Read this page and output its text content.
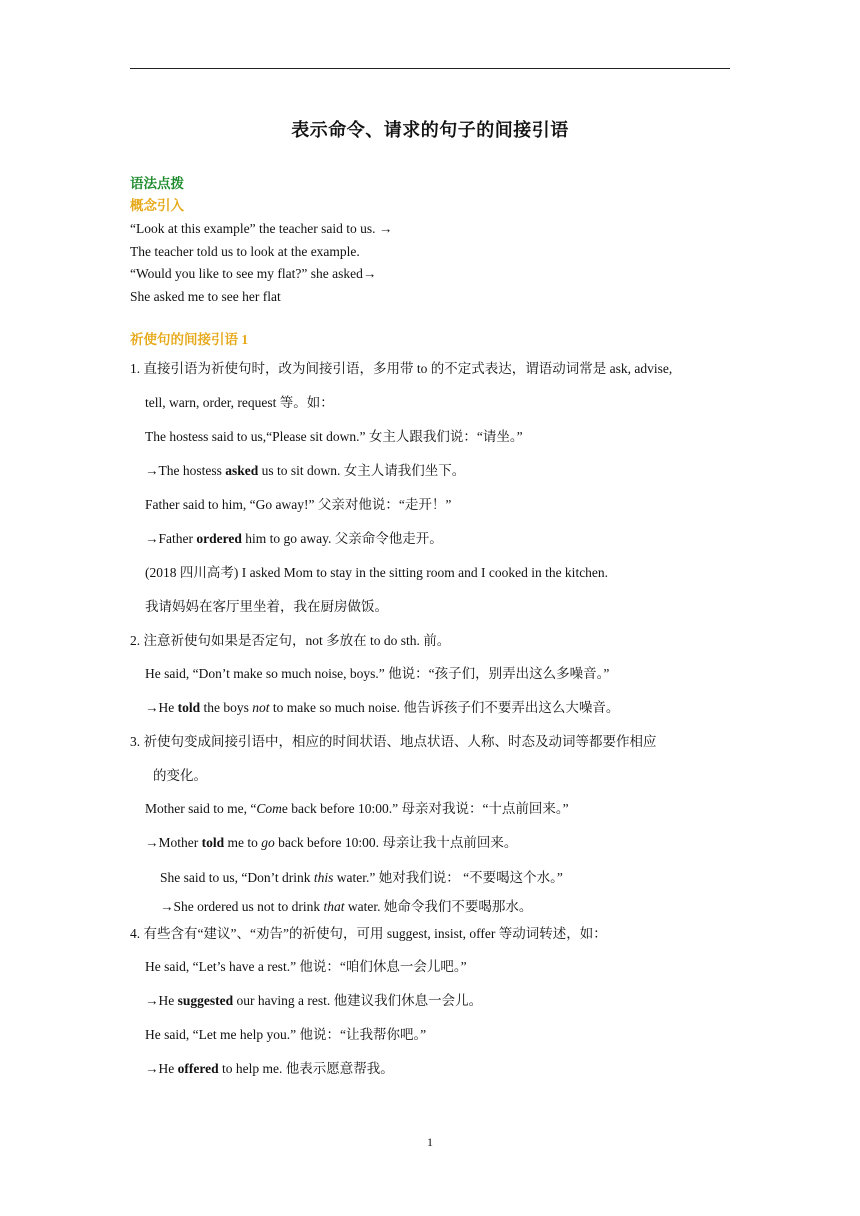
表示命令、请求的句子的间接引语
语法点拨
概念引入
“Look at this example” the teacher said to us. →
The teacher told us to look at the example.
“Would you like to see my flat?” she asked→
She asked me to see her flat
祈使句的间接引语 1
1. 直接引语为祈使句时，改为间接引语，多用带 to 的不定式表达，谓语动词常是 ask, advise,
tell, warn, order, request 等。如：
The hostess said to us,“Please sit down.” 女主人跟我们说：“请坐。”
→The hostess asked us to sit down. 女主人请我们坐下。
Father said to him, “Go away!” 父亲对他说：“走开！”
→Father ordered him to go away. 父亲命令他走开。
(2018 四川高考) I asked Mom to stay in the sitting room and I cooked in the kitchen.
我请妈妈在客厅里坐着，我在厨房做饭。
2. 注意祈使句如果是否定句，not 多放在 to do sth. 前。
He said, “Don’t make so much noise, boys.” 他说：“孩子们，别弄出这么多噪音。”
→He told the boys not to make so much noise. 他告诉孩子们不要弄出这么大噪音。
3. 祈使句变成间接引语中，相应的时间状语、地点状语、人称、时态及动词等都要作相应
的变化。
Mother said to me, “Come back before 10:00.” 母亲对我说：“十点前回来。”
→Mother told me to go back before 10:00. 母亲让我十点前回来。
She said to us, “Don’t drink this water.” 她对我们说： “不要喝这个水。”
→She ordered us not to drink that water. 她命令我们不要喝那水。
4. 有些含有“建议”、“劝告”的祈使句，可用 suggest, insist, offer 等动词转述，如：
He said, “Let’s have a rest.” 他说：“咱们休息一会儿吧。”
→He suggested our having a rest. 他建议我们休息一会儿。
He said, “Let me help you.” 他说：“让我帮你吧。”
→He offered to help me. 他表示愿意帮我。
1
